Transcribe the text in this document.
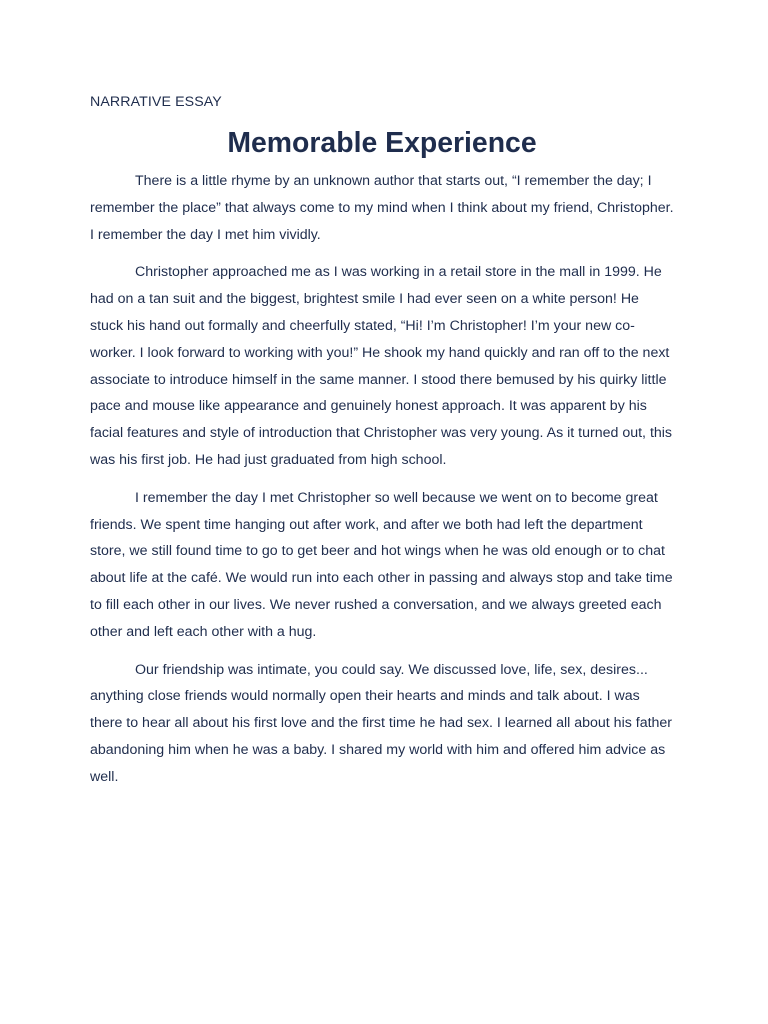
NARRATIVE ESSAY

Memorable Experience

There is a little rhyme by an unknown author that starts out, “I remember the day; I remember the place” that always come to my mind when I think about my friend, Christopher. I remember the day I met him vividly.

Christopher approached me as I was working in a retail store in the mall in 1999. He had on a tan suit and the biggest, brightest smile I had ever seen on a white person! He stuck his hand out formally and cheerfully stated, “Hi! I’m Christopher! I’m your new co-worker. I look forward to working with you!” He shook my hand quickly and ran off to the next associate to introduce himself in the same manner. I stood there bemused by his quirky little pace and mouse like appearance and genuinely honest approach. It was apparent by his facial features and style of introduction that Christopher was very young. As it turned out, this was his first job. He had just graduated from high school.

I remember the day I met Christopher so well because we went on to become great friends. We spent time hanging out after work, and after we both had left the department store, we still found time to go to get beer and hot wings when he was old enough or to chat about life at the café. We would run into each other in passing and always stop and take time to fill each other in our lives. We never rushed a conversation, and we always greeted each other and left each other with a hug.

Our friendship was intimate, you could say. We discussed love, life, sex, desires... anything close friends would normally open their hearts and minds and talk about. I was there to hear all about his first love and the first time he had sex. I learned all about his father abandoning him when he was a baby. I shared my world with him and offered him advice as well.
